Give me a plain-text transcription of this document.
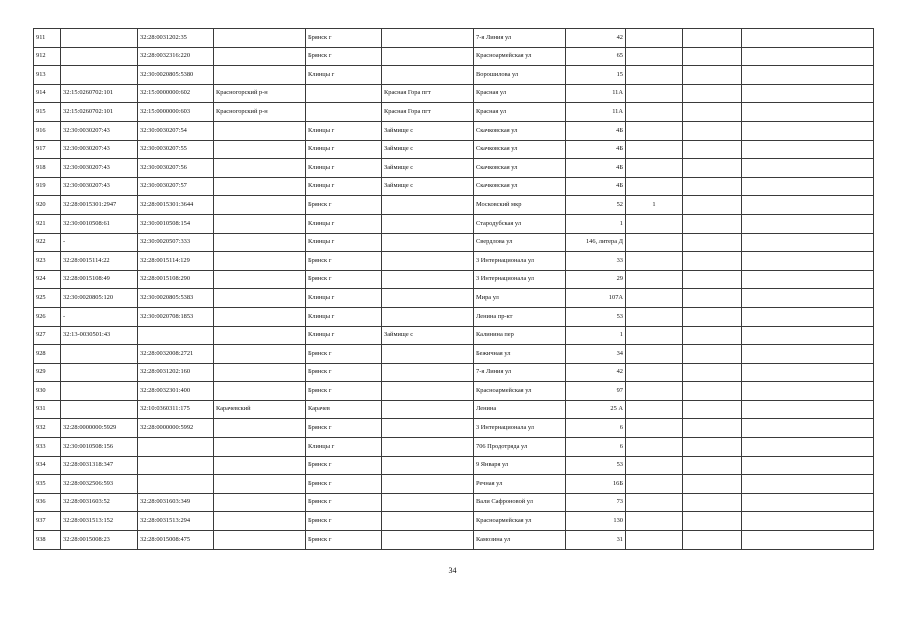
911		32:28:0031202:35		Брянск г		7-я Линия ул	42			
912		32:28:0032316:220		Брянск г		Красноармейская ул	65			
913		32:30:0020805:5380		Клинцы г		Ворошилова ул	15			
914	32:15:0260702:101	32:15:0000000:602	Красногорский р-н		Красная Гора пгт	Красная ул	11А			
915	32:15:0260702:101	32:15:0000000:603	Красногорский р-н		Красная Гора пгт	Красная ул	11А			
916	32:30:0030207:43	32:30:0030207:54		Клинцы г	Займище с	Скачковская ул	4Б			
917	32:30:0030207:43	32:30:0030207:55		Клинцы г	Займище с	Скачковская ул	4Б			
918	32:30:0030207:43	32:30:0030207:56		Клинцы г	Займище с	Скачковская ул	4Б			
919	32:30:0030207:43	32:30:0030207:57		Клинцы г	Займище с	Скачковская ул	4Б			
920	32:28:0015301:2947	32:28:0015301:3644		Брянск г		Московский мкр	52	1		
921	32:30:0010508:61	32:30:0010508:154		Клинцы г		Стародубская ул	1			
922	-	32:30:0020507:333		Клинцы г		Свердлова ул	146, литера Д			
923	32:28:0015114:22	32:28:0015114:129		Брянск г		3 Интернационала ул	33			
924	32:28:0015108:49	32:28:0015108:290		Брянск г		3 Интернационала ул	29			
925	32:30:0020805:120	32:30:0020805:5383		Клинцы г		Мира ул	107А			
926	-	32:30:0020708:1853		Клинцы г		Ленина пр-кт	53			
927	32:13-0030501:43			Клинцы г	Займище с	Калинина пер	1			
928		32:28:0032008:2721		Брянск г		Бежичная ул	34			
929		32:28:0031202:160		Брянск г		7-я Линия ул	42			
930		32:28:0032301:400		Брянск г		Красноармейская ул	97			
931		32:10:0360311:175	Карачевский	Карачев		Ленина	25 А			
932	32:28:0000000:5929	32:28:0000000:5992		Брянск г		3 Интернационала ул	6			
933	32:30:0010508:156			Клинцы г		706 Продотряда ул	6			
934	32:28:0031318:347			Брянск г		9 Января ул	53			
935	32:28:0032506:593			Брянск г		Речная ул	16Б			
936	32:28:0031603:52	32:28:0031603:349		Брянск г		Вали Сафроновой ул	73			
937	32:28:0031513:152	32:28:0031513:294		Брянск г		Красноармейская ул	130			
938	32:28:0015008:23	32:28:0015008:475		Брянск г		Камозина ул	31			
34
